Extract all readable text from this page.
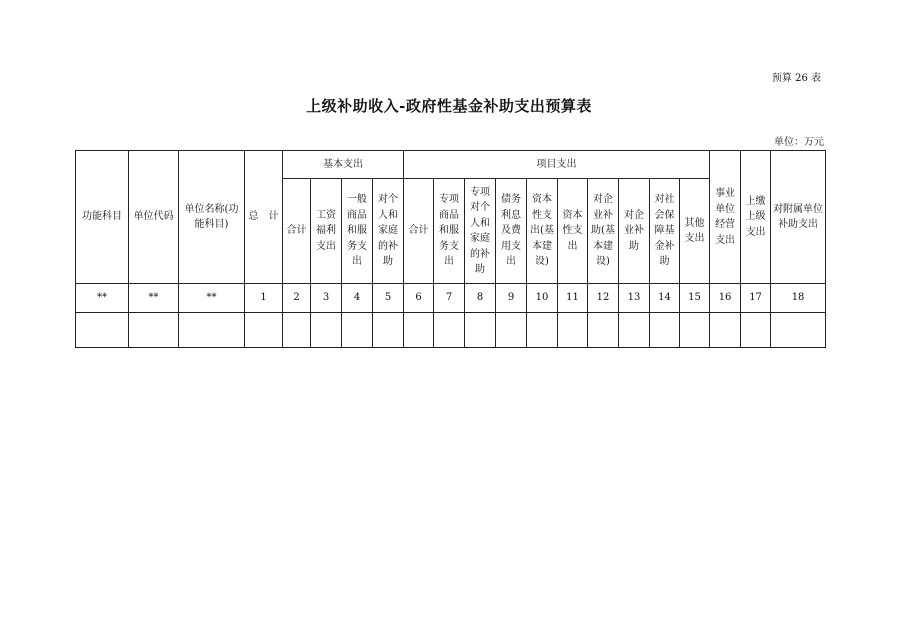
预算 26 表
上级补助收入-政府性基金补助支出预算表
单位：万元
功能科目	单位代码	单位名称(功能科目)	总　计	基本支出				项目支出										事业单位经营支出	上缴上级支出	对附属单位补助支出
				合计	工资福利支出	一般商品和服务支出	对个人和家庭的补助	合计	专项商品和服务支出	专项对个人和家庭的补助	债务利息及费用支出	资本性支出(基本建设)	资本性支出	对企业补助(基本建设)	对企业补助	对社会保障基金补助	其他支出			
**	**	**	1	2	3	4	5	6	7	8	9	10	11	12	13	14	15	16	17	18
